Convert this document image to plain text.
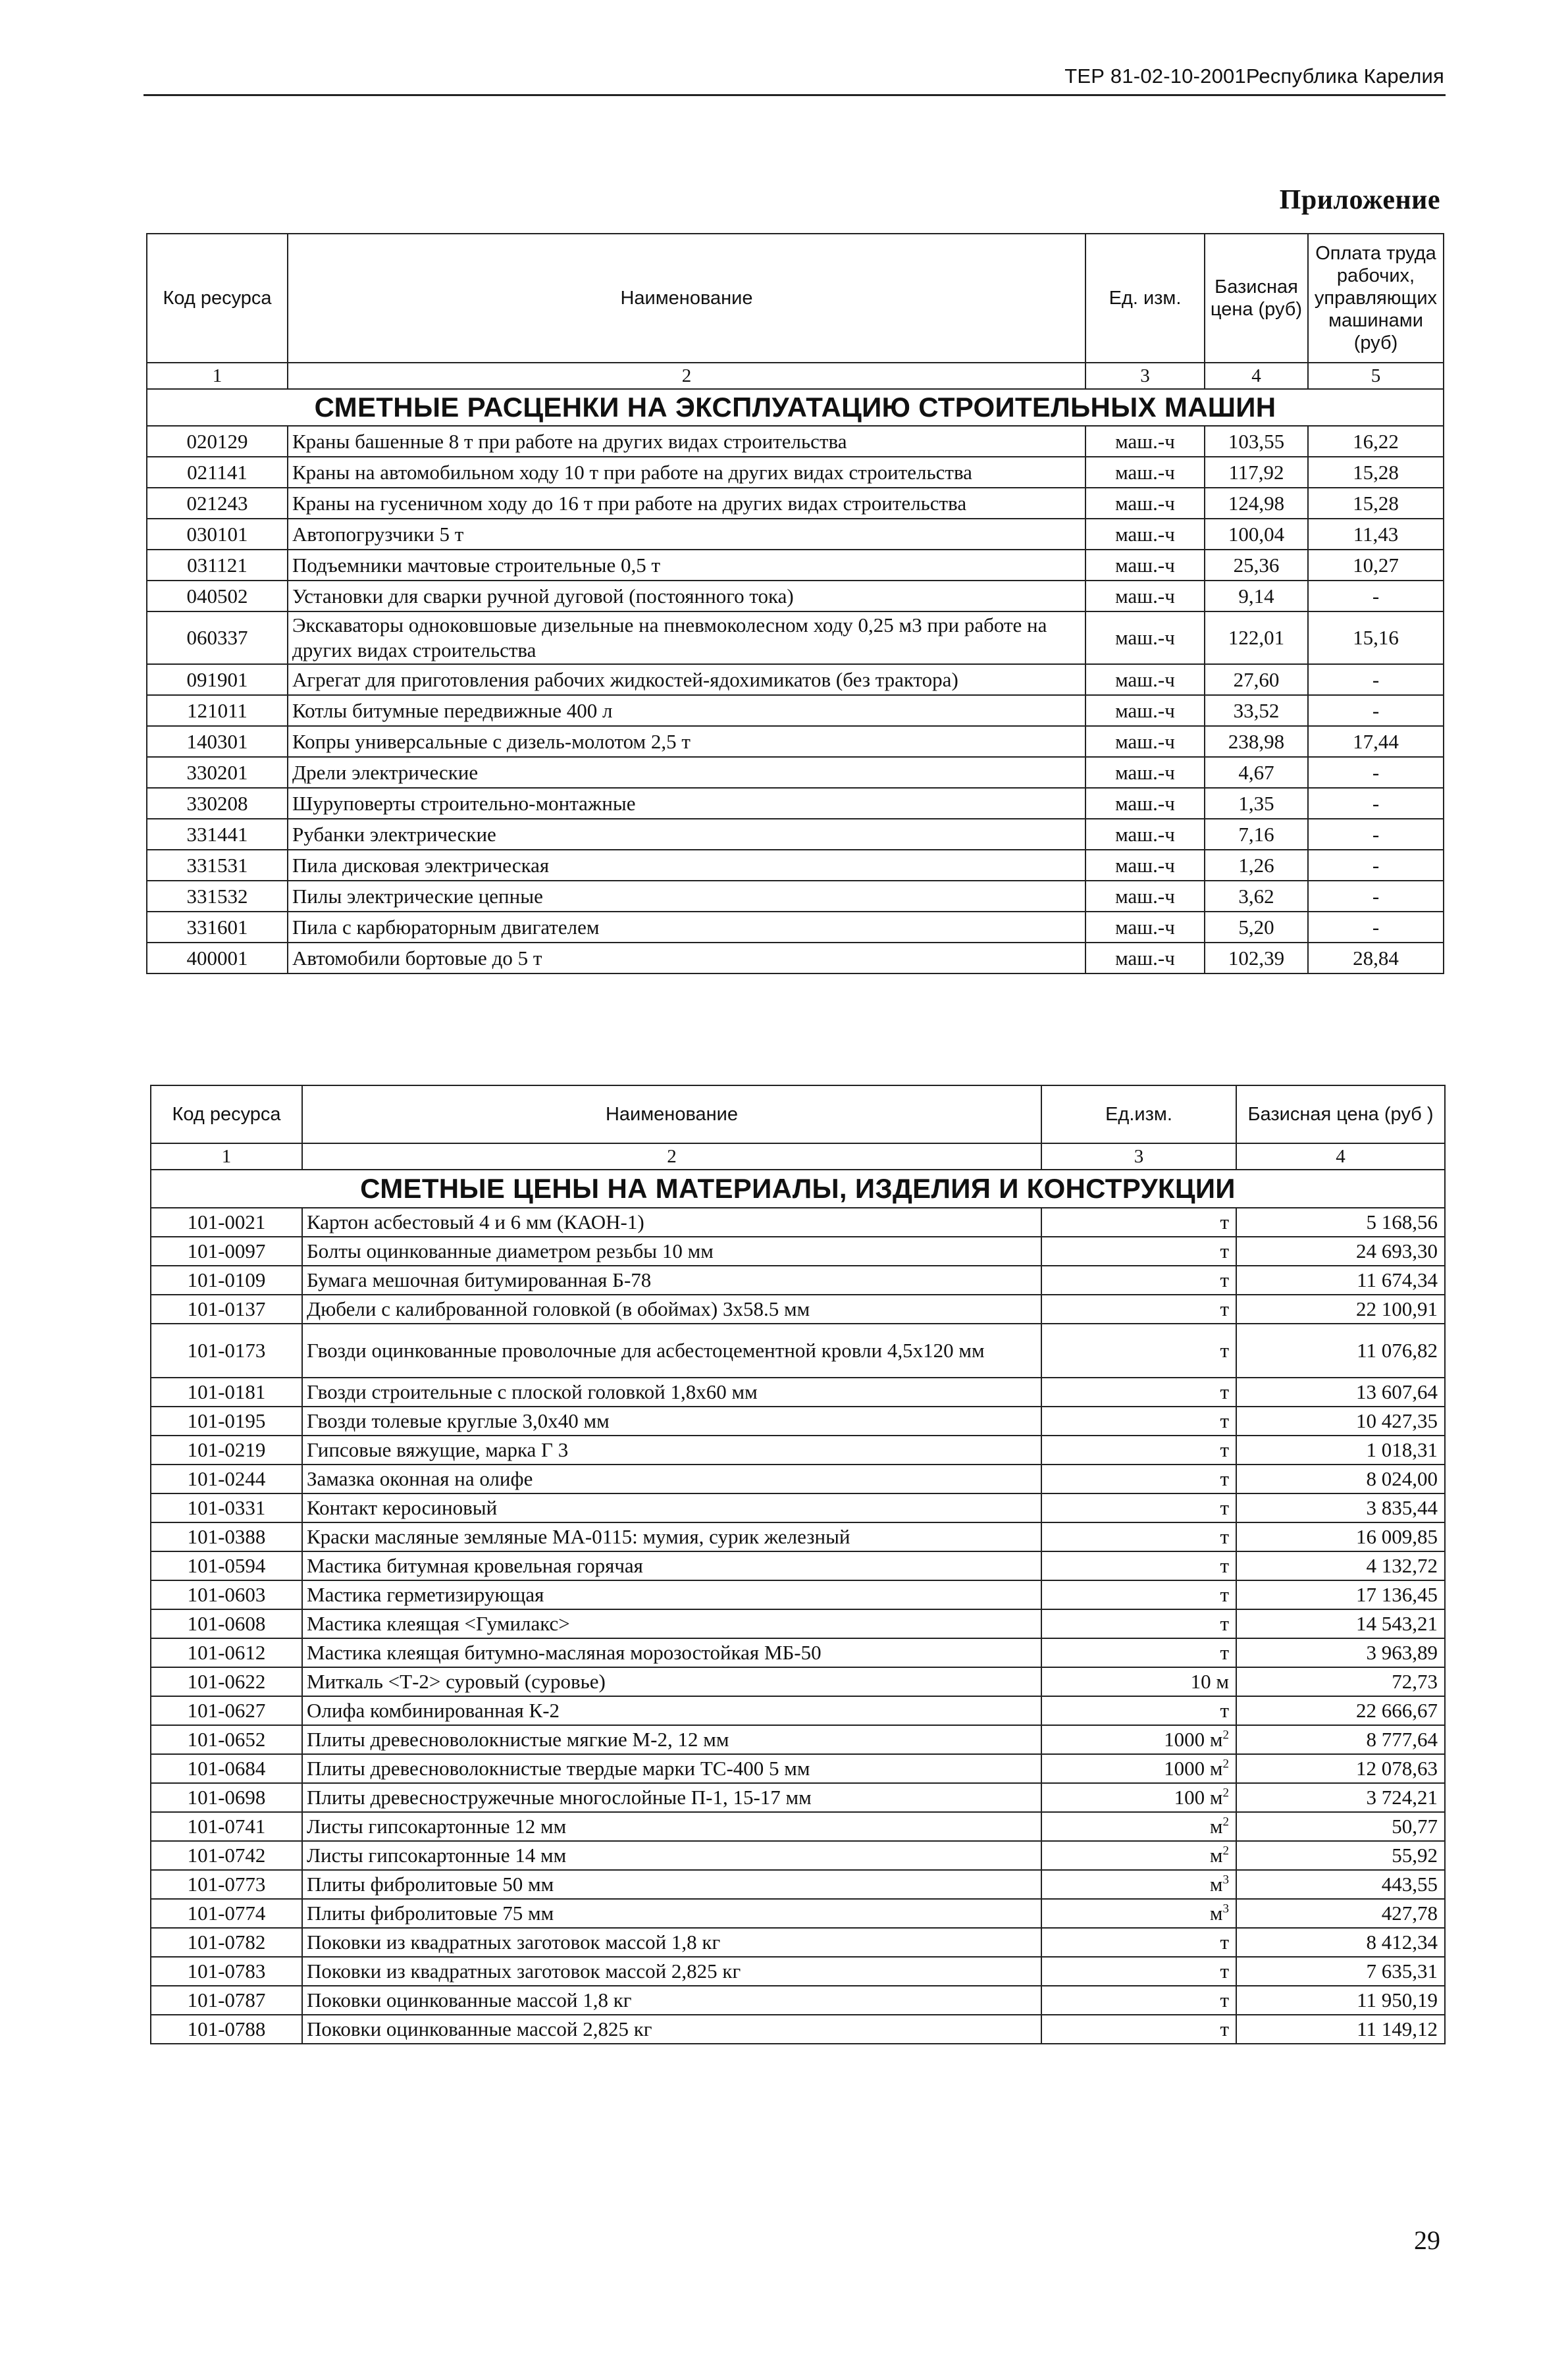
ТЕР 81-02-10-2001Республика Карелия
Приложение
Код ресурса	Наименование	Ед. изм.	Базисная цена (руб)	Оплата труда рабочих, управляющих машинами (руб)
1	2	3	4	5
СМЕТНЫЕ РАСЦЕНКИ НА ЭКСПЛУАТАЦИЮ СТРОИТЕЛЬНЫХ МАШИН				
020129	Краны башенные 8 т при работе на других видах строительства	маш.-ч	103,55	16,22
021141	Краны на автомобильном ходу 10 т при работе на других видах строительства	маш.-ч	117,92	15,28
021243	Краны на гусеничном ходу до 16 т при работе на других видах строительства	маш.-ч	124,98	15,28
030101	Автопогрузчики 5 т	маш.-ч	100,04	11,43
031121	Подъемники мачтовые строительные 0,5 т	маш.-ч	25,36	10,27
040502	Установки для сварки ручной дуговой (постоянного тока)	маш.-ч	9,14	-
060337	Экскаваторы одноковшовые дизельные на пневмоколесном ходу 0,25 м3 при работе на других видах строительства	маш.-ч	122,01	15,16
091901	Агрегат для приготовления рабочих жидкостей-ядохимикатов (без трактора)	маш.-ч	27,60	-
121011	Котлы битумные передвижные 400 л	маш.-ч	33,52	-
140301	Копры универсальные с дизель-молотом 2,5 т	маш.-ч	238,98	17,44
330201	Дрели электрические	маш.-ч	4,67	-
330208	Шуруповерты строительно-монтажные	маш.-ч	1,35	-
331441	Рубанки электрические	маш.-ч	7,16	-
331531	Пила дисковая электрическая	маш.-ч	1,26	-
331532	Пилы электрические цепные	маш.-ч	3,62	-
331601	Пила с карбюраторным двигателем	маш.-ч	5,20	-
400001	Автомобили бортовые до 5 т	маш.-ч	102,39	28,84
Код ресурса	Наименование	Ед.изм.	Базисная цена (руб )
1	2	3	4
СМЕТНЫЕ ЦЕНЫ НА МАТЕРИАЛЫ, ИЗДЕЛИЯ И КОНСТРУКЦИИ			
101-0021	Картон асбестовый 4 и 6 мм (КАОН-1)	т	5 168,56
101-0097	Болты оцинкованные диаметром резьбы 10 мм	т	24 693,30
101-0109	Бумага мешочная битумированная Б-78	т	11 674,34
101-0137	Дюбели с калиброванной головкой (в обоймах) 3х58.5 мм	т	22 100,91
101-0173	Гвозди оцинкованные проволочные для асбестоцементной кровли 4,5х120 мм	т	11 076,82
101-0181	Гвозди строительные с плоской головкой 1,8х60 мм	т	13 607,64
101-0195	Гвозди толевые круглые 3,0х40 мм	т	10 427,35
101-0219	Гипсовые вяжущие, марка Г 3	т	1 018,31
101-0244	Замазка оконная на олифе	т	8 024,00
101-0331	Контакт керосиновый	т	3 835,44
101-0388	Краски масляные земляные МА-0115: мумия, сурик железный	т	16 009,85
101-0594	Мастика битумная кровельная горячая	т	4 132,72
101-0603	Мастика герметизирующая	т	17 136,45
101-0608	Мастика клеящая <Гумилакс>	т	14 543,21
101-0612	Мастика клеящая битумно-масляная морозостойкая МБ-50	т	3 963,89
101-0622	Миткаль <Т-2> суровый (суровье)	10 м	72,73
101-0627	Олифа комбинированная К-2	т	22 666,67
101-0652	Плиты древесноволокнистые мягкие М-2, 12 мм	1000 $м^2$	8 777,64
101-0684	Плиты древесноволокнистые твердые марки ТС-400 5 мм	1000 $м^2$	12 078,63
101-0698	Плиты древесностружечные многослойные П-1, 15-17 мм	100 $м^2$	3 724,21
101-0741	Листы гипсокартонные 12 мм	$м^2$	50,77
101-0742	Листы гипсокартонные 14 мм	$м^2$	55,92
101-0773	Плиты фибролитовые 50 мм	$м^3$	443,55
101-0774	Плиты фибролитовые 75 мм	$м^3$	427,78
101-0782	Поковки из квадратных заготовок массой 1,8 кг	т	8 412,34
101-0783	Поковки из квадратных заготовок массой 2,825 кг	т	7 635,31
101-0787	Поковки оцинкованные массой 1,8 кг	т	11 950,19
101-0788	Поковки оцинкованные массой 2,825 кг	т	11 149,12
29
